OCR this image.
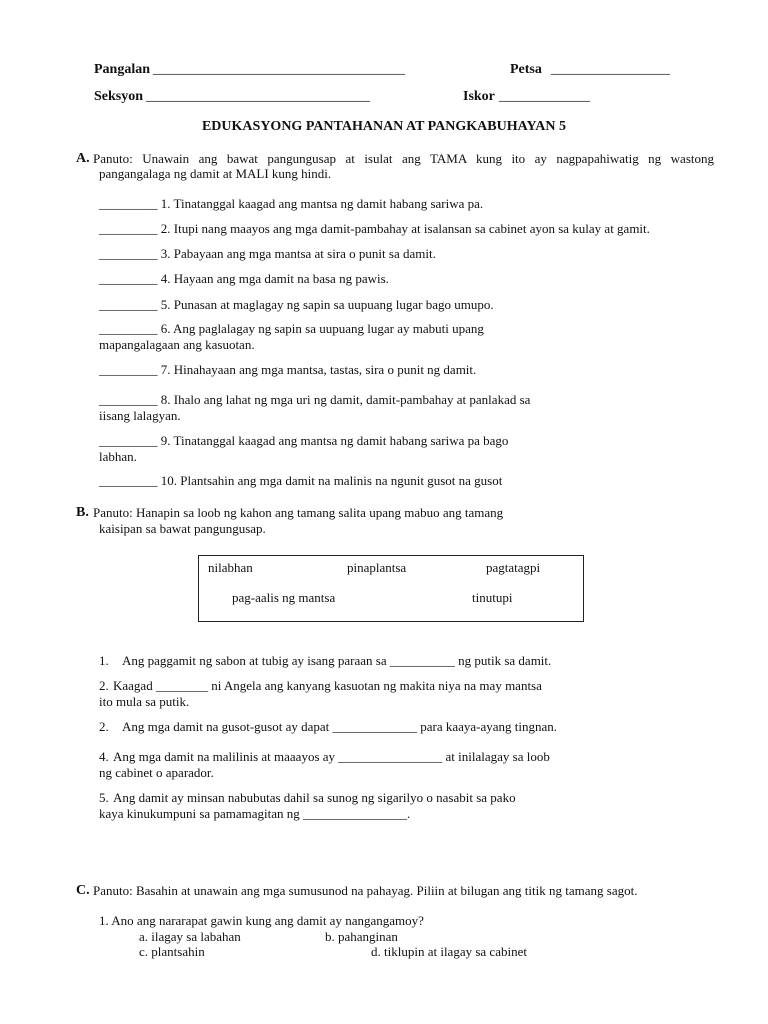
Pangalan ____________________________________	Petsa _________________
Seksyon ________________________________	Iskor _____________
EDUKASYONG PANTAHANAN AT PANGKABUHAYAN 5
A. Panuto: Unawain ang bawat pangungusap at isulat ang TAMA kung ito ay nagpapahiwatig ng wastong
pangangalaga ng damit at MALI kung hindi.
_________ 1. Tinatanggal kaagad ang mantsa ng damit habang sariwa pa.
_________ 2. Itupi nang maayos ang mga damit-pambahay at isalansan sa cabinet ayon sa kulay at gamit.
_________ 3. Pabayaan ang mga mantsa at sira o punit sa damit.
_________ 4. Hayaan ang mga damit na basa ng pawis.
_________ 5. Punasan at maglagay ng sapin sa uupuang lugar bago umupo.
_________ 6. Ang paglalagay ng sapin sa uupuang lugar ay mabuti upang
mapangalagaan ang kasuotan.
_________ 7. Hinahayaan ang mga mantsa, tastas, sira o punit ng damit.
_________ 8. Ihalo ang lahat ng mga uri ng damit, damit-pambahay at panlakad sa
iisang lalagyan.
_________ 9. Tinatanggal kaagad ang mantsa ng damit habang sariwa pa bago
labhan.
_________ 10. Plantsahin ang mga damit na malinis na ngunit gusot na gusot
B. Panuto: Hanapin sa loob ng kahon ang tamang salita upang mabuo ang tamang
kaisipan sa bawat pangungusap.
nilabhan	pinaplantsa	pagtatagpi
pag-aalis ng mantsa	tinutupi
1. Ang paggamit ng sabon at tubig ay isang paraan sa __________ ng putik sa damit.
2. Kaagad ________ ni Angela ang kanyang kasuotan ng makita niya na may mantsa
ito mula sa putik.
2. Ang mga damit na gusot-gusot ay dapat _____________ para kaaya-ayang tingnan.
4. Ang mga damit na malilinis at maaayos ay ________________ at inilalagay sa loob
ng cabinet o aparador.
5. Ang damit ay minsan nabubutas dahil sa sunog ng sigarilyo o nasabit sa pako
kaya kinukumpuni sa pamamagitan ng ________________.
C. Panuto: Basahin at unawain ang mga sumusunod na pahayag. Piliin at bilugan ang titik ng tamang sagot.
1. Ano ang nararapat gawin kung ang damit ay nangangamoy?
a. ilagay sa labahan	b. pahanginan
c. plantsahin	d. tiklupin at ilagay sa cabinet
